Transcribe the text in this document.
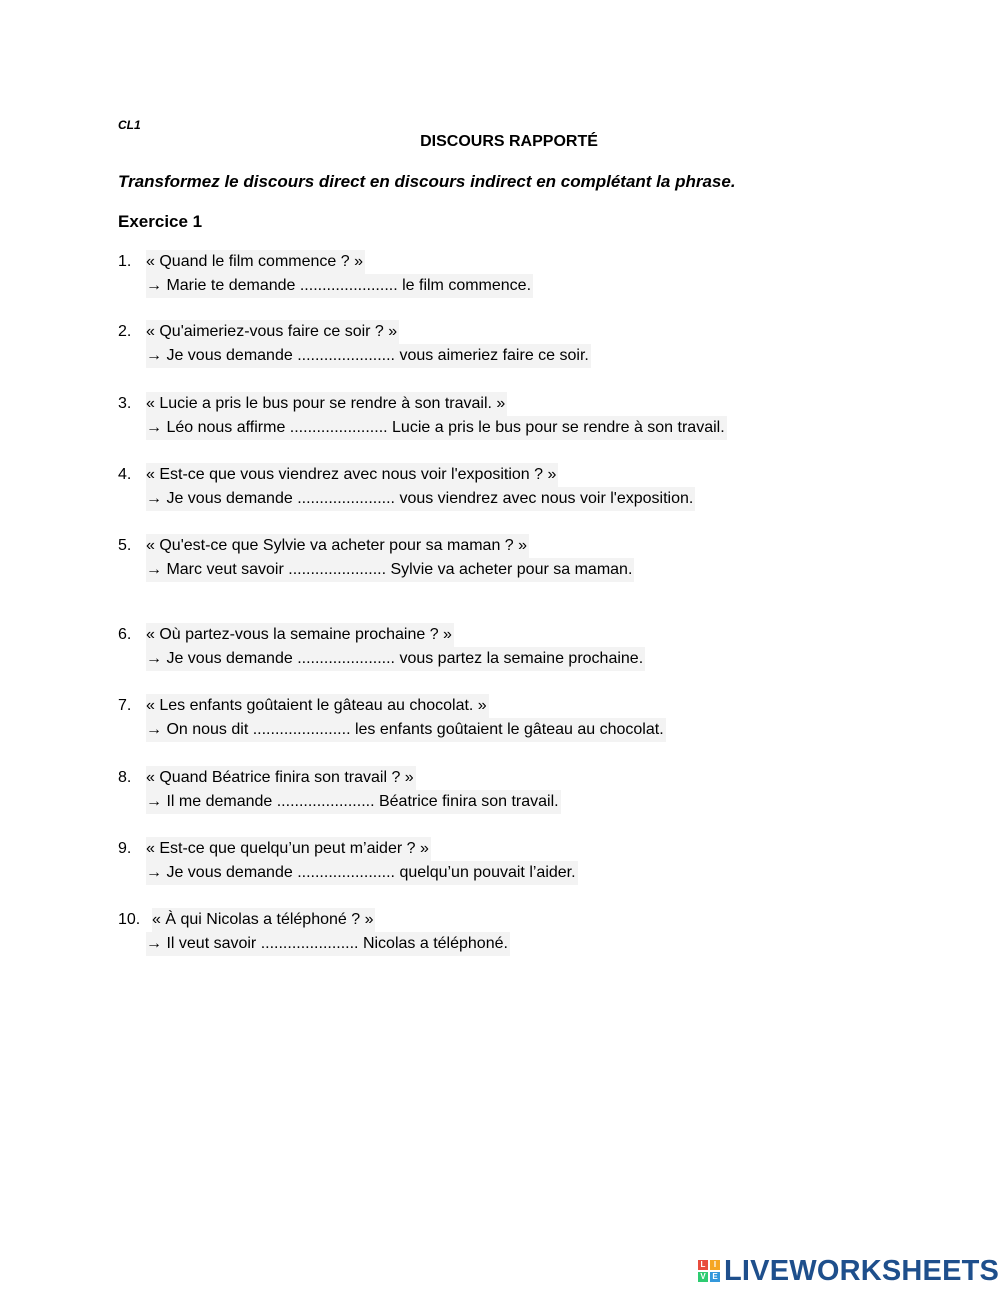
CL1
DISCOURS RAPPORTÉ
Transformez le discours direct en discours indirect en complétant la phrase.
Exercice 1
1. « Quand le film commence ? »
→ Marie te demande ...................... le film commence.
2. « Qu'aimeriez-vous faire ce soir ? »
→ Je vous demande ...................... vous aimeriez faire ce soir.
3. « Lucie a pris le bus pour se rendre à son travail. »
→ Léo nous affirme ...................... Lucie a pris le bus pour se rendre à son travail.
4. « Est-ce que vous viendrez avec nous voir l'exposition ? »
→ Je vous demande ...................... vous viendrez avec nous voir l'exposition.
5. « Qu'est-ce que Sylvie va acheter pour sa maman ? »
→ Marc veut savoir ...................... Sylvie va acheter pour sa maman.
6. « Où partez-vous la semaine prochaine ? »
→ Je vous demande ...................... vous partez la semaine prochaine.
7. « Les enfants goûtaient le gâteau au chocolat. »
→ On nous dit ...................... les enfants goûtaient le gâteau au chocolat.
8. « Quand Béatrice finira son travail ? »
→ Il me demande ...................... Béatrice finira son travail.
9. « Est-ce que quelqu’un peut m’aider ? »
→ Je vous demande ...................... quelqu’un pouvait l’aider.
10. « À qui Nicolas a téléphoné ? »
→ Il veut savoir ...................... Nicolas a téléphoné.
L	I
V E LIVEWORKSHEETS
